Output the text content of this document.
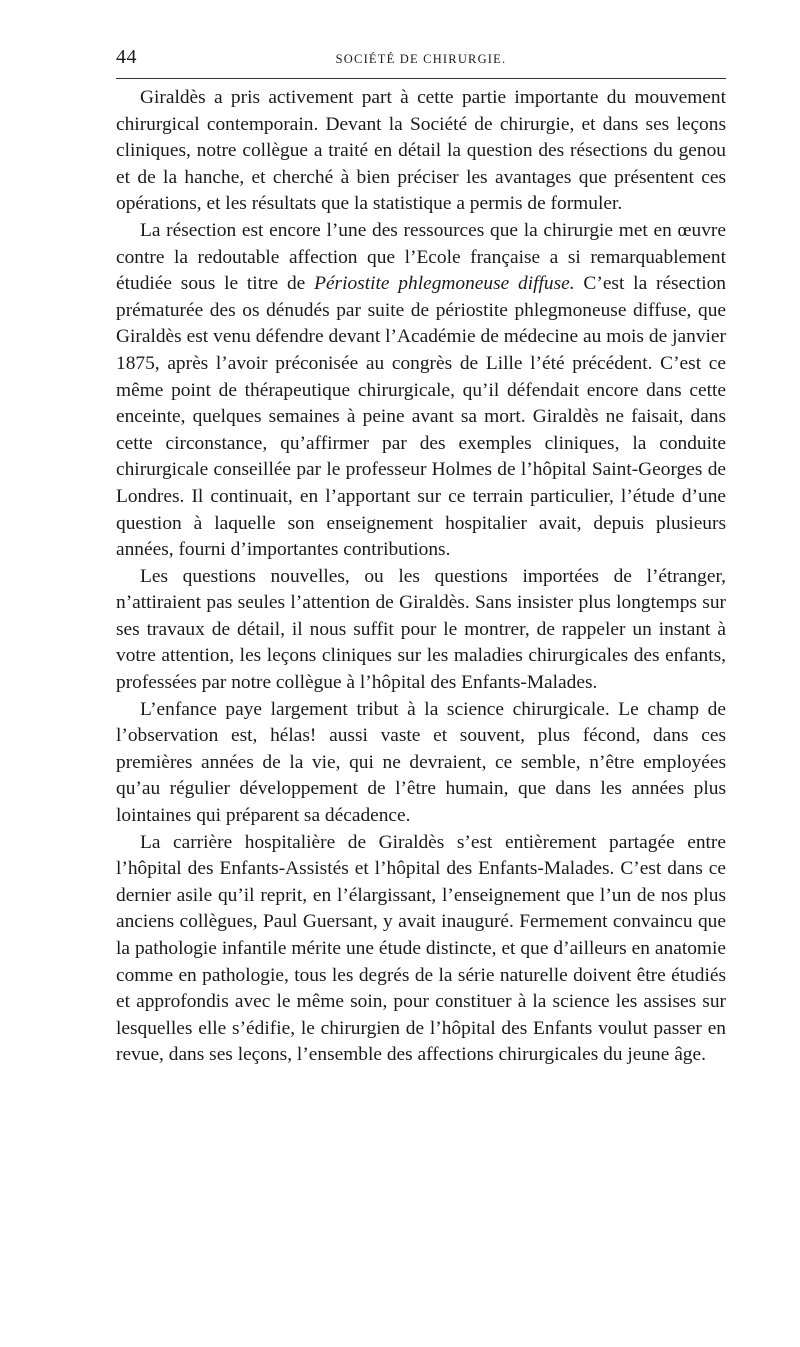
44	SOCIÉTÉ DE CHIRURGIE.

Giraldès a pris activement part à cette partie importante du mouvement chirurgical contemporain. Devant la Société de chirurgie, et dans ses leçons cliniques, notre collègue a traité en détail la question des résections du genou et de la hanche, et cherché à bien préciser les avantages que présentent ces opérations, et les résultats que la statistique a permis de formuler.

La résection est encore l’une des ressources que la chirurgie met en œuvre contre la redoutable affection que l’Ecole française a si remarquablement étudiée sous le titre de Périostite phlegmoneuse diffuse. C’est la résection prématurée des os dénudés par suite de périostite phlegmoneuse diffuse, que Giraldès est venu défendre devant l’Académie de médecine au mois de janvier 1875, après l’avoir préconisée au congrès de Lille l’été précédent. C’est ce même point de thérapeutique chirurgicale, qu’il défendait encore dans cette enceinte, quelques semaines à peine avant sa mort. Giraldès ne faisait, dans cette circonstance, qu’affirmer par des exemples cliniques, la conduite chirurgicale conseillée par le professeur Holmes de l’hôpital Saint-Georges de Londres. Il continuait, en l’apportant sur ce terrain particulier, l’étude d’une question à laquelle son enseignement hospitalier avait, depuis plusieurs années, fourni d’importantes contributions.

Les questions nouvelles, ou les questions importées de l’étranger, n’attiraient pas seules l’attention de Giraldès. Sans insister plus longtemps sur ses travaux de détail, il nous suffit pour le montrer, de rappeler un instant à votre attention, les leçons cliniques sur les maladies chirurgicales des enfants, professées par notre collègue à l’hôpital des Enfants-Malades.

L’enfance paye largement tribut à la science chirurgicale. Le champ de l’observation est, hélas! aussi vaste et souvent, plus fécond, dans ces premières années de la vie, qui ne devraient, ce semble, n’être employées qu’au régulier développement de l’être humain, que dans les années plus lointaines qui préparent sa décadence.

La carrière hospitalière de Giraldès s’est entièrement partagée entre l’hôpital des Enfants-Assistés et l’hôpital des Enfants-Malades. C’est dans ce dernier asile qu’il reprit, en l’élargissant, l’enseignement que l’un de nos plus anciens collègues, Paul Guersant, y avait inauguré. Fermement convaincu que la pathologie infantile mérite une étude distincte, et que d’ailleurs en anatomie comme en pathologie, tous les degrés de la série naturelle doivent être étudiés et approfondis avec le même soin, pour constituer à la science les assises sur lesquelles elle s’édifie, le chirurgien de l’hôpital des Enfants voulut passer en revue, dans ses leçons, l’ensemble des affections chirurgicales du jeune âge.
